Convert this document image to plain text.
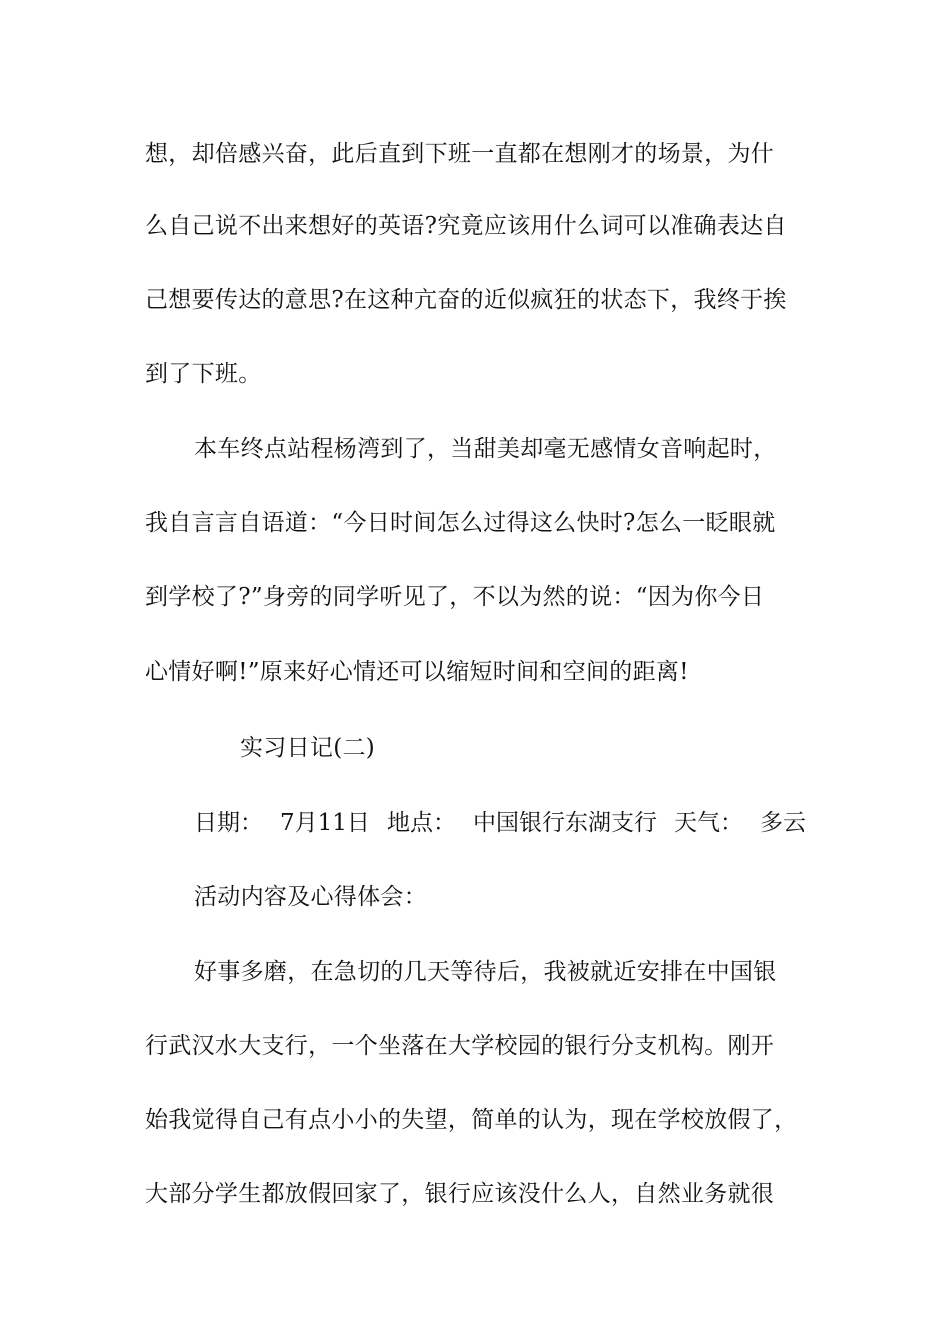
想，却倍感兴奋，此后直到下班一直都在想刚才的场景，为什
么自己说不出来想好的英语?究竟应该用什么词可以准确表达自
己想要传达的意思?在这种亢奋的近似疯狂的状态下，我终于挨
到了下班。
本车终点站程杨湾到了，当甜美却毫无感情女音响起时，
我自言言自语道：“今日时间怎么过得这么快时?怎么一眨眼就
到学校了?”身旁的同学听见了，不以为然的说：“因为你今日
心情好啊!”原来好心情还可以缩短时间和空间的距离!
实习日记(二)
日期： 7月11日 地点： 中国银行东湖支行 天气： 多云
活动内容及心得体会：
好事多磨，在急切的几天等待后，我被就近安排在中国银
行武汉水大支行，一个坐落在大学校园的银行分支机构。刚开
始我觉得自己有点小小的失望，简单的认为，现在学校放假了，
大部分学生都放假回家了，银行应该没什么人，自然业务就很
